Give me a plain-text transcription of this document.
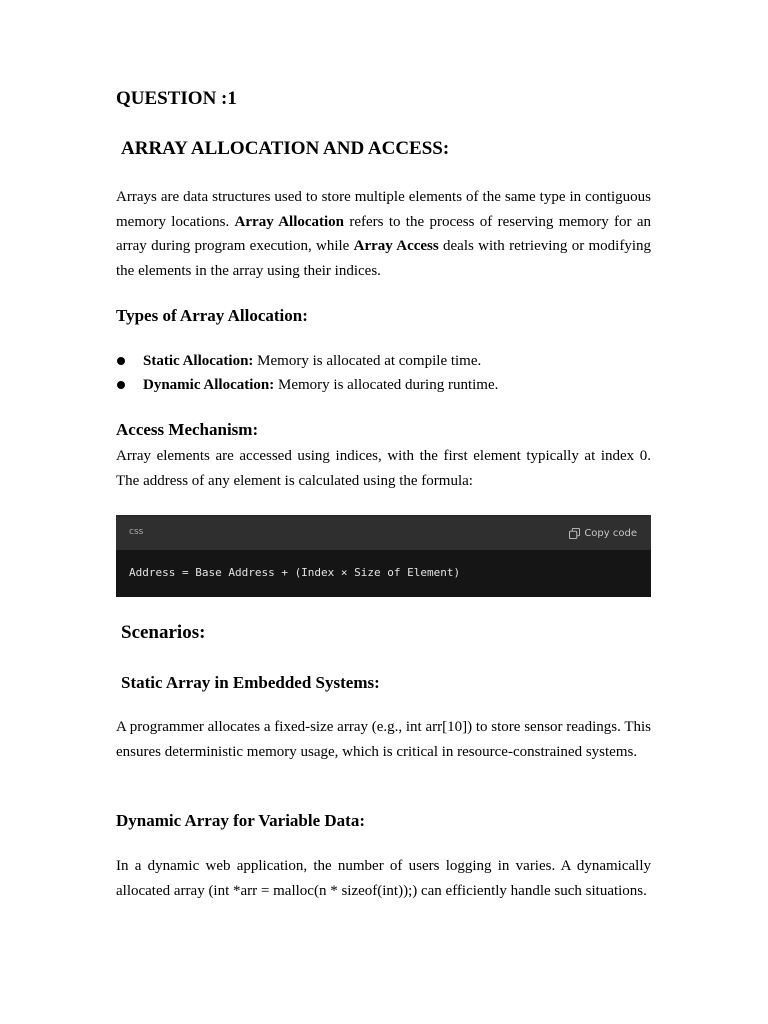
QUESTION :1
ARRAY ALLOCATION AND ACCESS:

Arrays are data structures used to store multiple elements of the same type in contiguous memory locations. Array Allocation refers to the process of reserving memory for an array during program execution, while Array Access deals with retrieving or modifying the elements in the array using their indices.

Types of Array Allocation:
Static Allocation: Memory is allocated at compile time.
Dynamic Allocation: Memory is allocated during runtime.
Access Mechanism:

Array elements are accessed using indices, with the first element typically at index 0. The address of any element is calculated using the formula:

Scenarios:
Static Array in Embedded Systems:

A programmer allocates a fixed-size array (e.g., int arr[10]) to store sensor readings. This ensures deterministic memory usage, which is critical in resource-constrained systems.

Dynamic Array for Variable Data:

In a dynamic web application, the number of users logging in varies. A dynamically allocated array (int *arr = malloc(n * sizeof(int));) can efficiently handle such situations.

css	Copy code
Address = Base Address + (Index × Size of Element)
